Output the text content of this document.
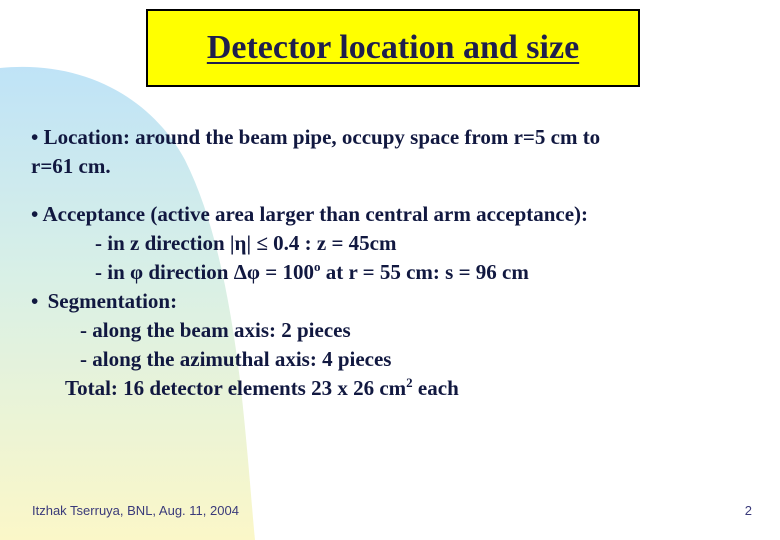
Detector location and size
• Location: around the beam pipe, occupy space from r=5 cm to
r=61 cm.
• Acceptance (active area larger than central arm acceptance):
- in z direction |η| ≤ 0.4 : z = 45cm
- in φ direction $\Delta\varphi = 100^o$ at r = 55 cm: s = 96 cm
• Segmentation:
- along the beam axis: 2 pieces
- along the azimuthal axis: 4 pieces
Total: 16 detector elements 23 x 26 $cm^2$ each
Itzhak Tserruya, BNL, Aug. 11, 2004	2
